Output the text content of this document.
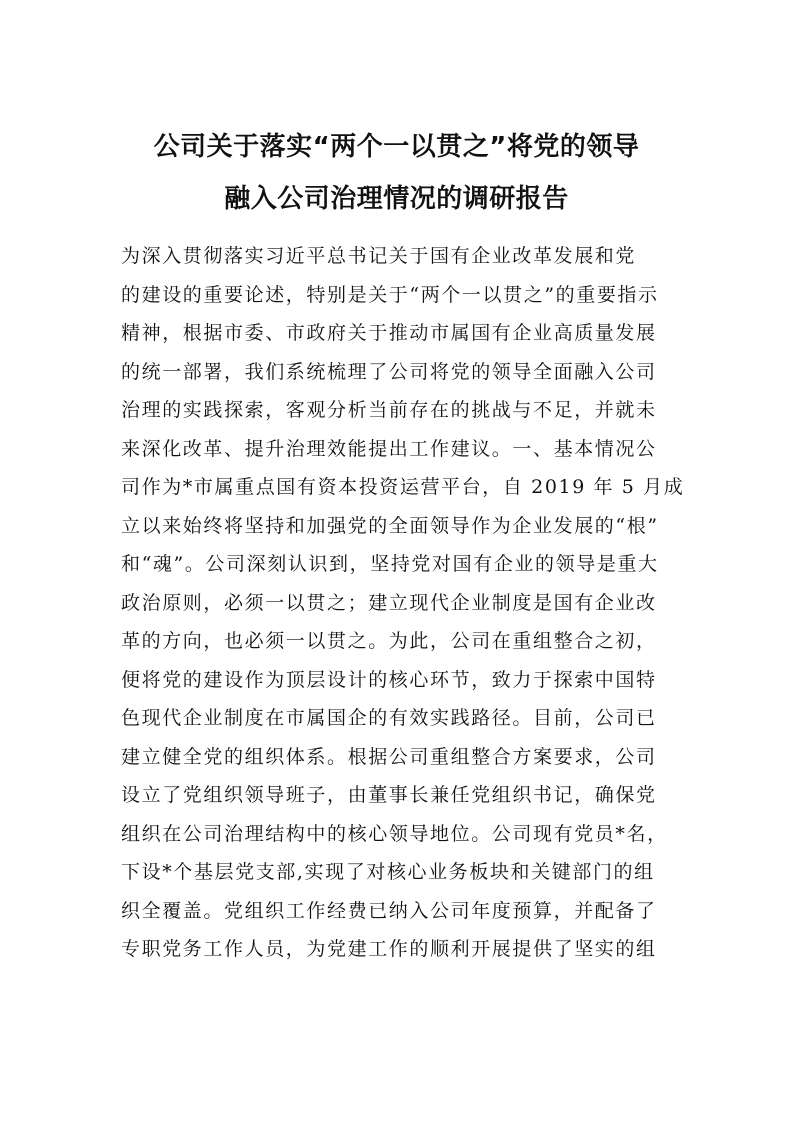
公司关于落实“两个一以贯之”将党的领导
融入公司治理情况的调研报告
为深入贯彻落实习近平总书记关于国有企业改革发展和党
的建设的重要论述，特别是关于“两个一以贯之”的重要指示
精神，根据市委、市政府关于推动市属国有企业高质量发展
的统一部署，我们系统梳理了公司将党的领导全面融入公司
治理的实践探索，客观分析当前存在的挑战与不足，并就未
来深化改革、提升治理效能提出工作建议。一、基本情况公
司作为*市属重点国有资本投资运营平台，自 2019 年 5 月成
立以来始终将坚持和加强党的全面领导作为企业发展的“根”
和“魂”。公司深刻认识到，坚持党对国有企业的领导是重大
政治原则，必须一以贯之；建立现代企业制度是国有企业改
革的方向，也必须一以贯之。为此，公司在重组整合之初，
便将党的建设作为顶层设计的核心环节，致力于探索中国特
色现代企业制度在市属国企的有效实践路径。目前，公司已
建立健全党的组织体系。根据公司重组整合方案要求，公司
设立了党组织领导班子，由董事长兼任党组织书记，确保党
组织在公司治理结构中的核心领导地位。公司现有党员*名，
下设*个基层党支部,实现了对核心业务板块和关键部门的组
织全覆盖。党组织工作经费已纳入公司年度预算，并配备了
专职党务工作人员，为党建工作的顺利开展提供了坚实的组
